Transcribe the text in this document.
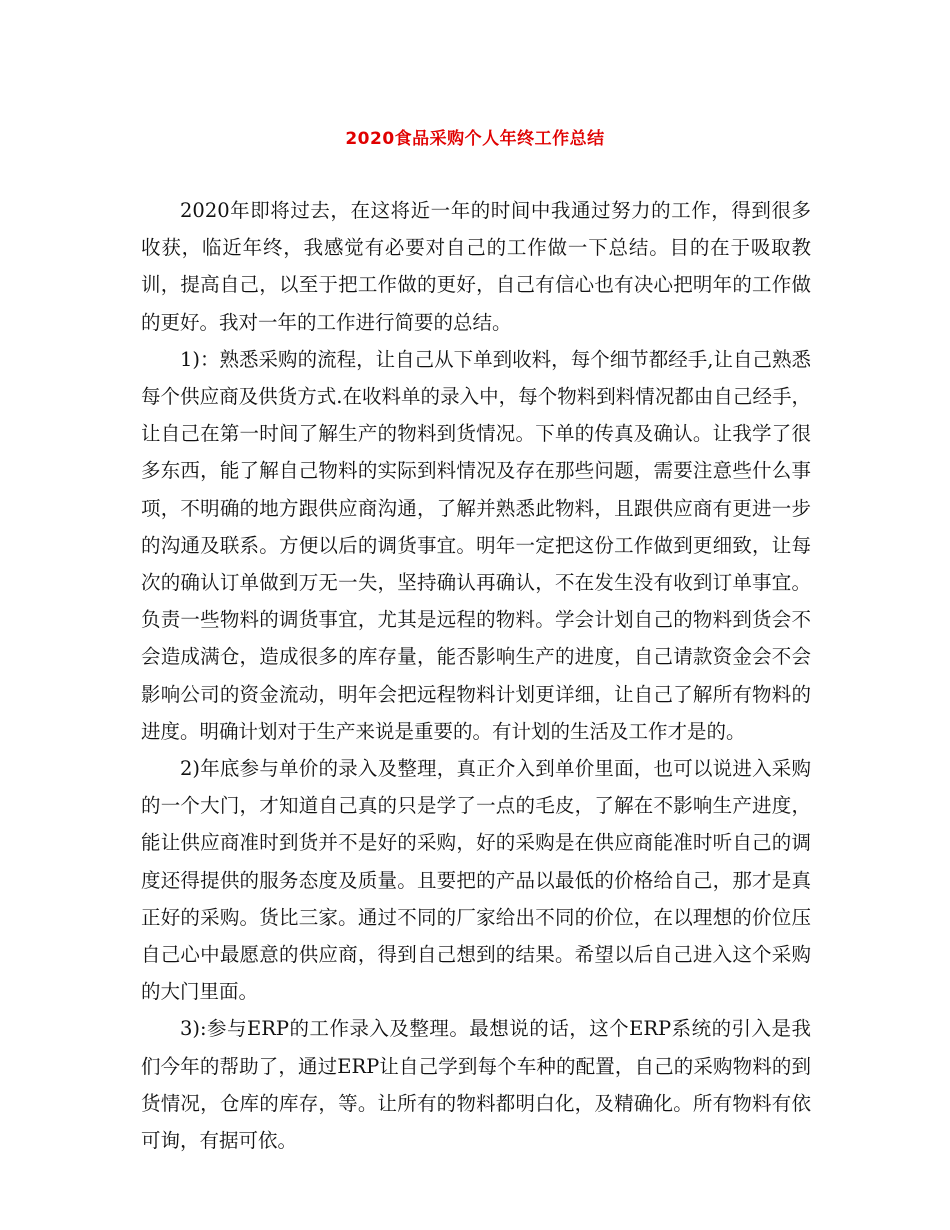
2020食品采购个人年终工作总结

2020年即将过去，在这将近一年的时间中我通过努力的工作，得到很多收获，临近年终，我感觉有必要对自己的工作做一下总结。目的在于吸取教训，提高自己，以至于把工作做的更好，自己有信心也有决心把明年的工作做的更好。我对一年的工作进行简要的总结。

1)：熟悉采购的流程，让自己从下单到收料，每个细节都经手,让自己熟悉每个供应商及供货方式.在收料单的录入中，每个物料到料情况都由自己经手，让自己在第一时间了解生产的物料到货情况。下单的传真及确认。让我学了很多东西，能了解自己物料的实际到料情况及存在那些问题，需要注意些什么事项，不明确的地方跟供应商沟通，了解并熟悉此物料，且跟供应商有更进一步的沟通及联系。方便以后的调货事宜。明年一定把这份工作做到更细致，让每次的确认订单做到万无一失，坚持确认再确认，不在发生没有收到订单事宜。负责一些物料的调货事宜，尤其是远程的物料。学会计划自己的物料到货会不会造成满仓，造成很多的库存量，能否影响生产的进度，自己请款资金会不会影响公司的资金流动，明年会把远程物料计划更详细，让自己了解所有物料的进度。明确计划对于生产来说是重要的。有计划的生活及工作才是的。

2)年底参与单价的录入及整理，真正介入到单价里面，也可以说进入采购的一个大门，才知道自己真的只是学了一点的毛皮，了解在不影响生产进度，能让供应商准时到货并不是好的采购，好的采购是在供应商能准时听自己的调度还得提供的服务态度及质量。且要把的产品以最低的价格给自己，那才是真正好的采购。货比三家。通过不同的厂家给出不同的价位，在以理想的价位压自己心中最愿意的供应商，得到自己想到的结果。希望以后自己进入这个采购的大门里面。

3):参与ERP的工作录入及整理。最想说的话，这个ERP系统的引入是我们今年的帮助了，通过ERP让自己学到每个车种的配置，自己的采购物料的到货情况，仓库的库存，等。让所有的物料都明白化，及精确化。所有物料有依可询，有据可依。
